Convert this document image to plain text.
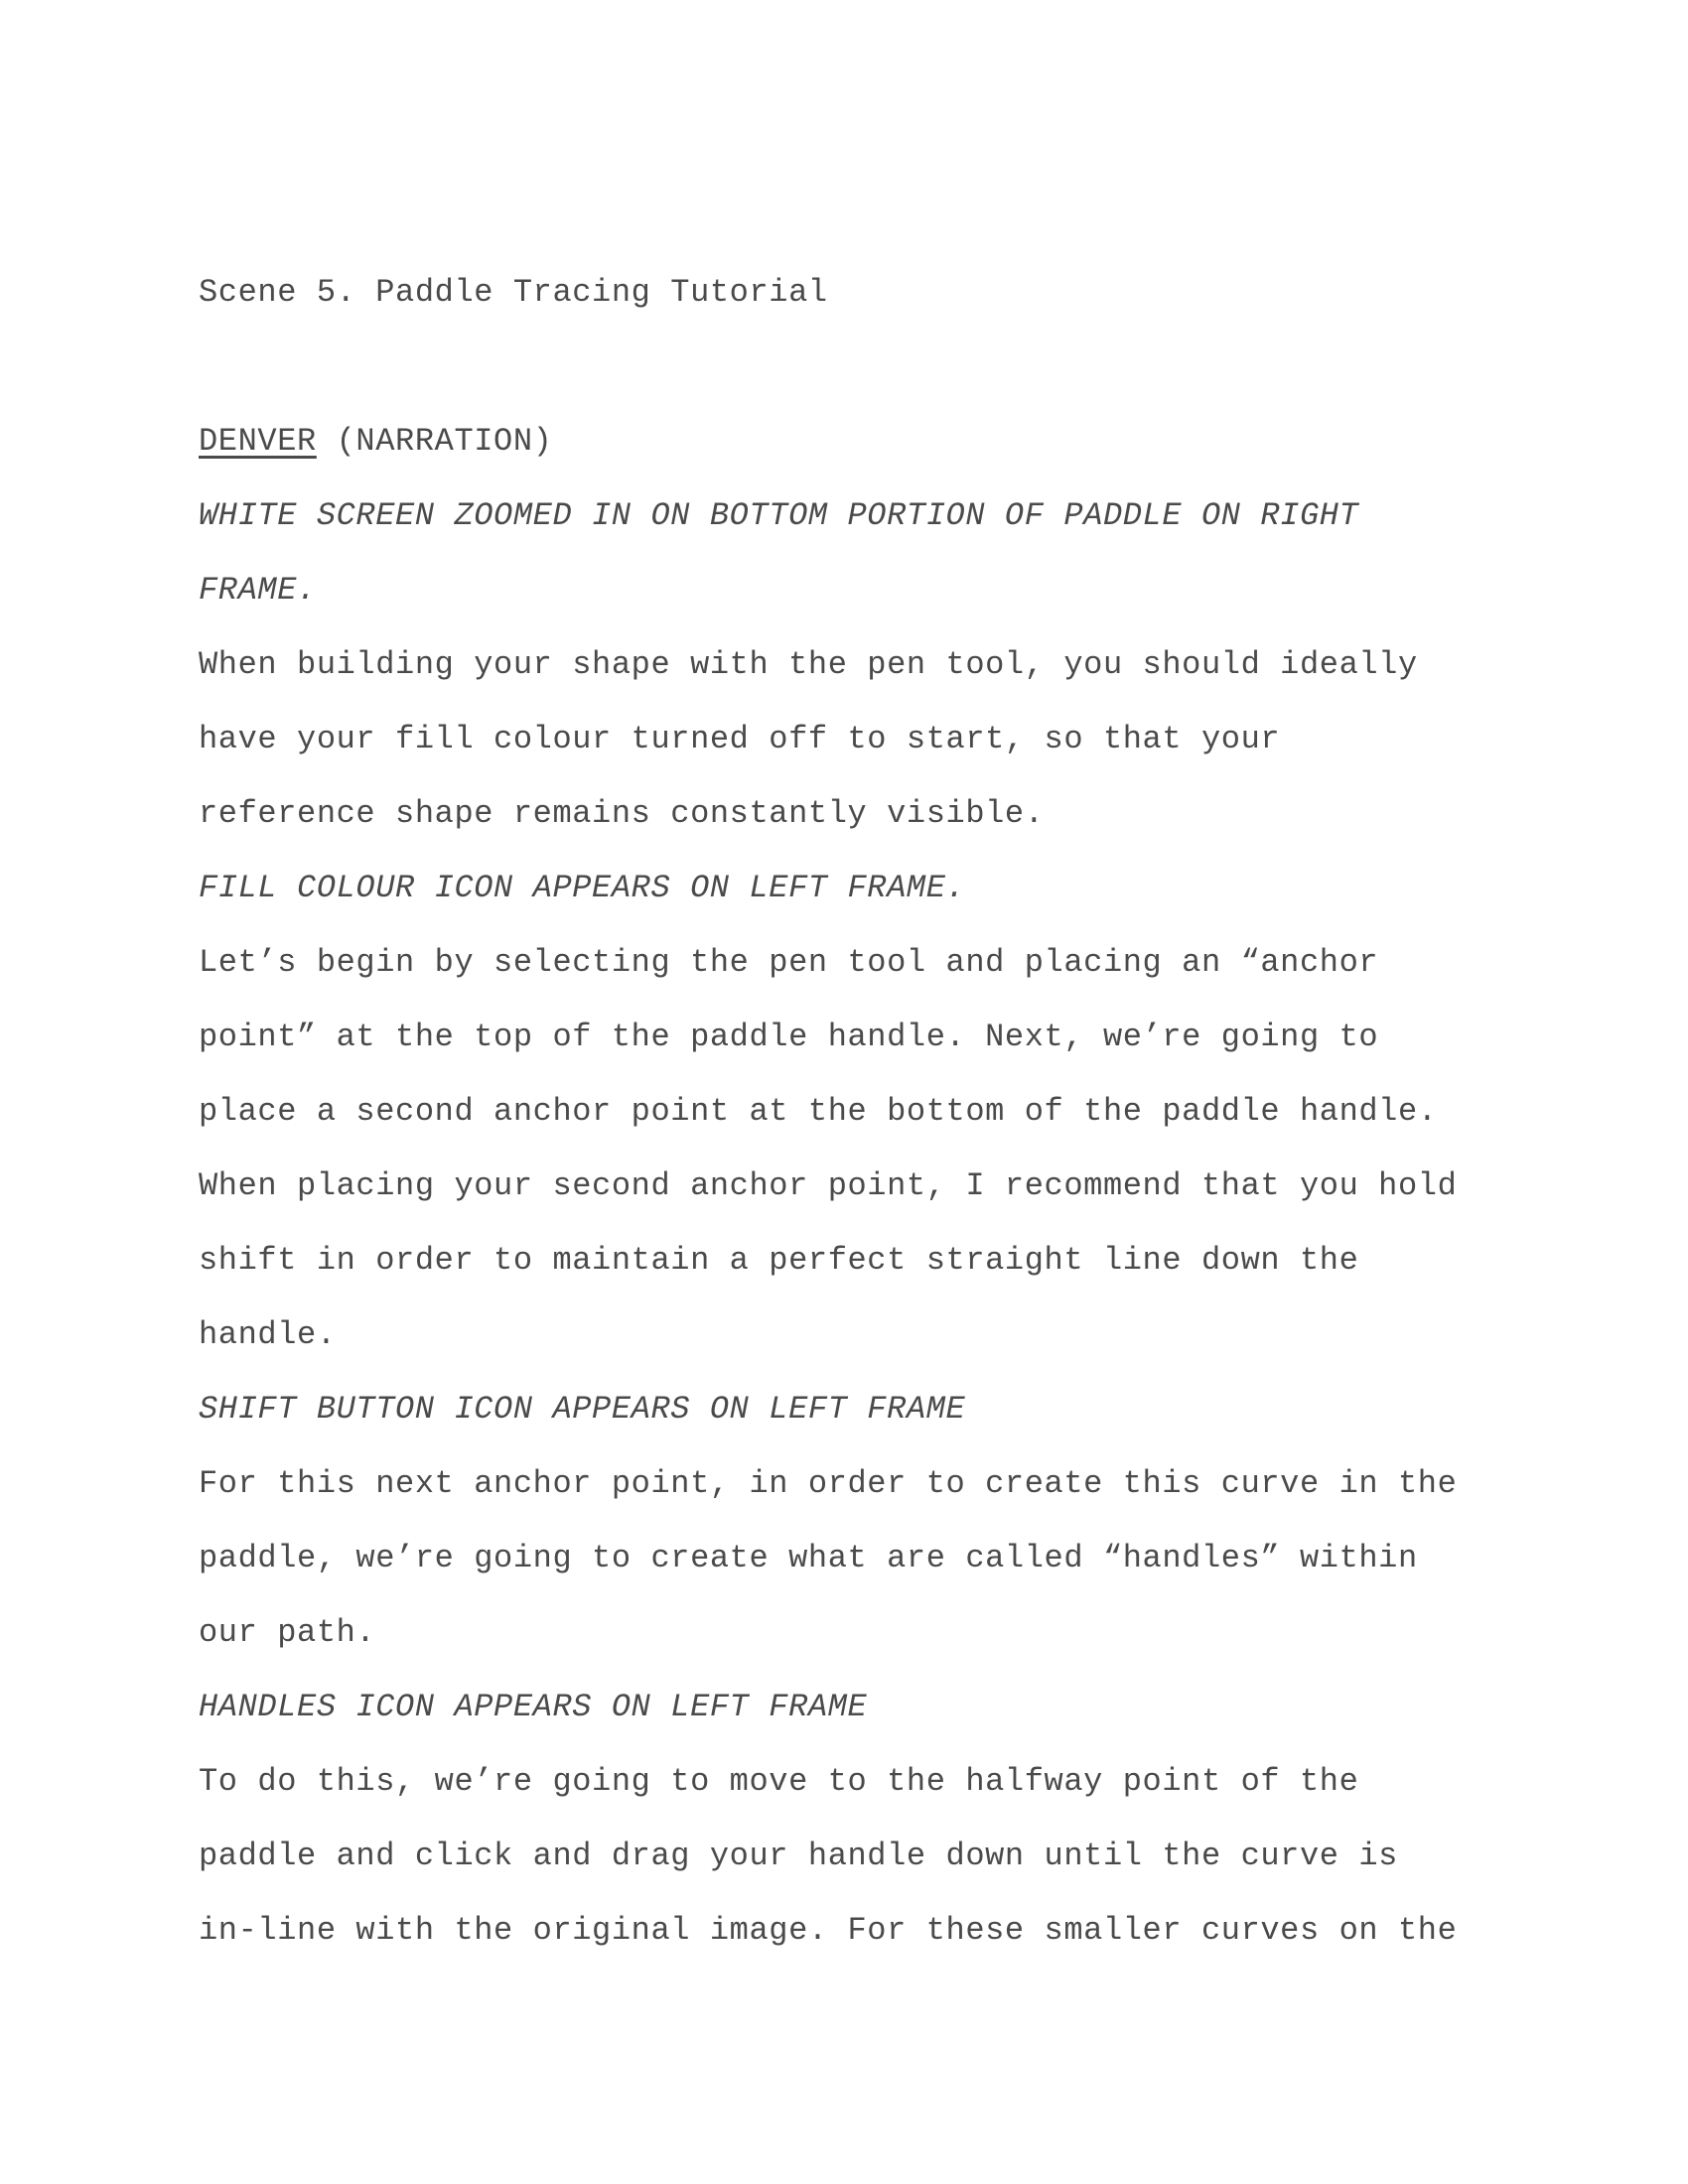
Scene 5. Paddle Tracing Tutorial
DENVER (NARRATION)
WHITE SCREEN ZOOMED IN ON BOTTOM PORTION OF PADDLE ON RIGHT
FRAME.
When building your shape with the pen tool, you should ideally
have your fill colour turned off to start, so that your
reference shape remains constantly visible.
FILL COLOUR ICON APPEARS ON LEFT FRAME.
Let’s begin by selecting the pen tool and placing an “anchor
point” at the top of the paddle handle. Next, we’re going to
place a second anchor point at the bottom of the paddle handle.
When placing your second anchor point, I recommend that you hold
shift in order to maintain a perfect straight line down the
handle.
SHIFT BUTTON ICON APPEARS ON LEFT FRAME
For this next anchor point, in order to create this curve in the
paddle, we’re going to create what are called “handles” within
our path.
HANDLES ICON APPEARS ON LEFT FRAME
To do this, we’re going to move to the halfway point of the
paddle and click and drag your handle down until the curve is
in-line with the original image. For these smaller curves on the
